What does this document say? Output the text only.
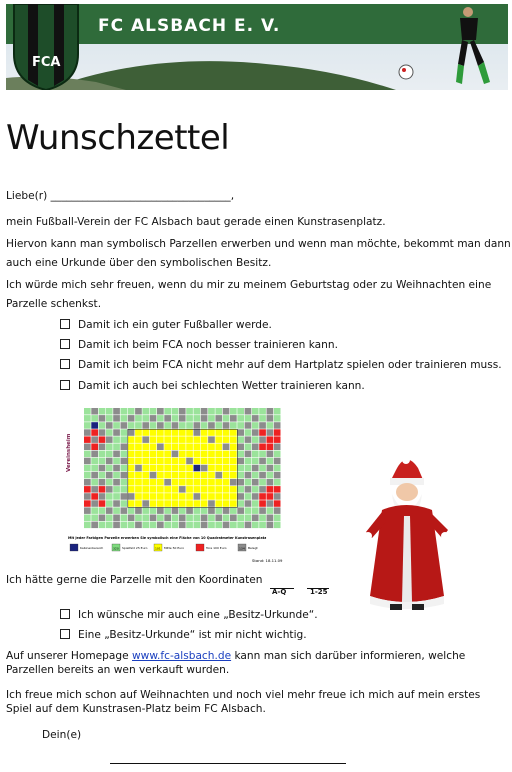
FCA
FC ALSBACH E. V.
Wunschzettel
Liebe(r) __________________________________,
mein Fußball-Verein der FC Alsbach baut gerade einen Kunstrasenplatz.
Hiervon kann man symbolisch Parzellen erwerben und wenn man möchte, bekommt man dann auch eine Urkunde über den symbolischen Besitz.
Ich würde mich sehr freuen, wenn du mir zu meinem Geburtstag oder zu Weihnachten eine Parzelle schenkst.
Damit ich ein guter Fußballer werde.
Damit ich beim FCA noch besser trainieren kann.
Damit ich beim FCA nicht mehr auf dem Hartplatz spielen oder trainieren muss.
Damit ich auch bei schlechten Wetter trainieren kann.
Vereinsheim
Mit jeder Farbigen Parzelle erwerben Sie symbolisch eine Fläche von 10 Quadratmeter Kunstrasenplatz
Kabinenbereich	320 Spielfeld 25 Euro	101 Mitte 50 Euro	Tore 100 Euro	134 Belegt
Stand: 18.11.09
Ich hätte gerne die Parzelle mit den Koordinaten
A-Q	1-25
Ich wünsche mir auch eine „Besitz-Urkunde“.
Eine „Besitz-Urkunde“ ist mir nicht wichtig.
Auf unserer Homepage www.fc-alsbach.de kann man sich darüber informieren, welche Parzellen bereits an wen verkauft wurden.
Ich freue mich schon auf Weihnachten und noch viel mehr freue ich mich auf mein erstes Spiel auf dem Kunstrasen-Platz beim FC Alsbach.
Dein(e)
